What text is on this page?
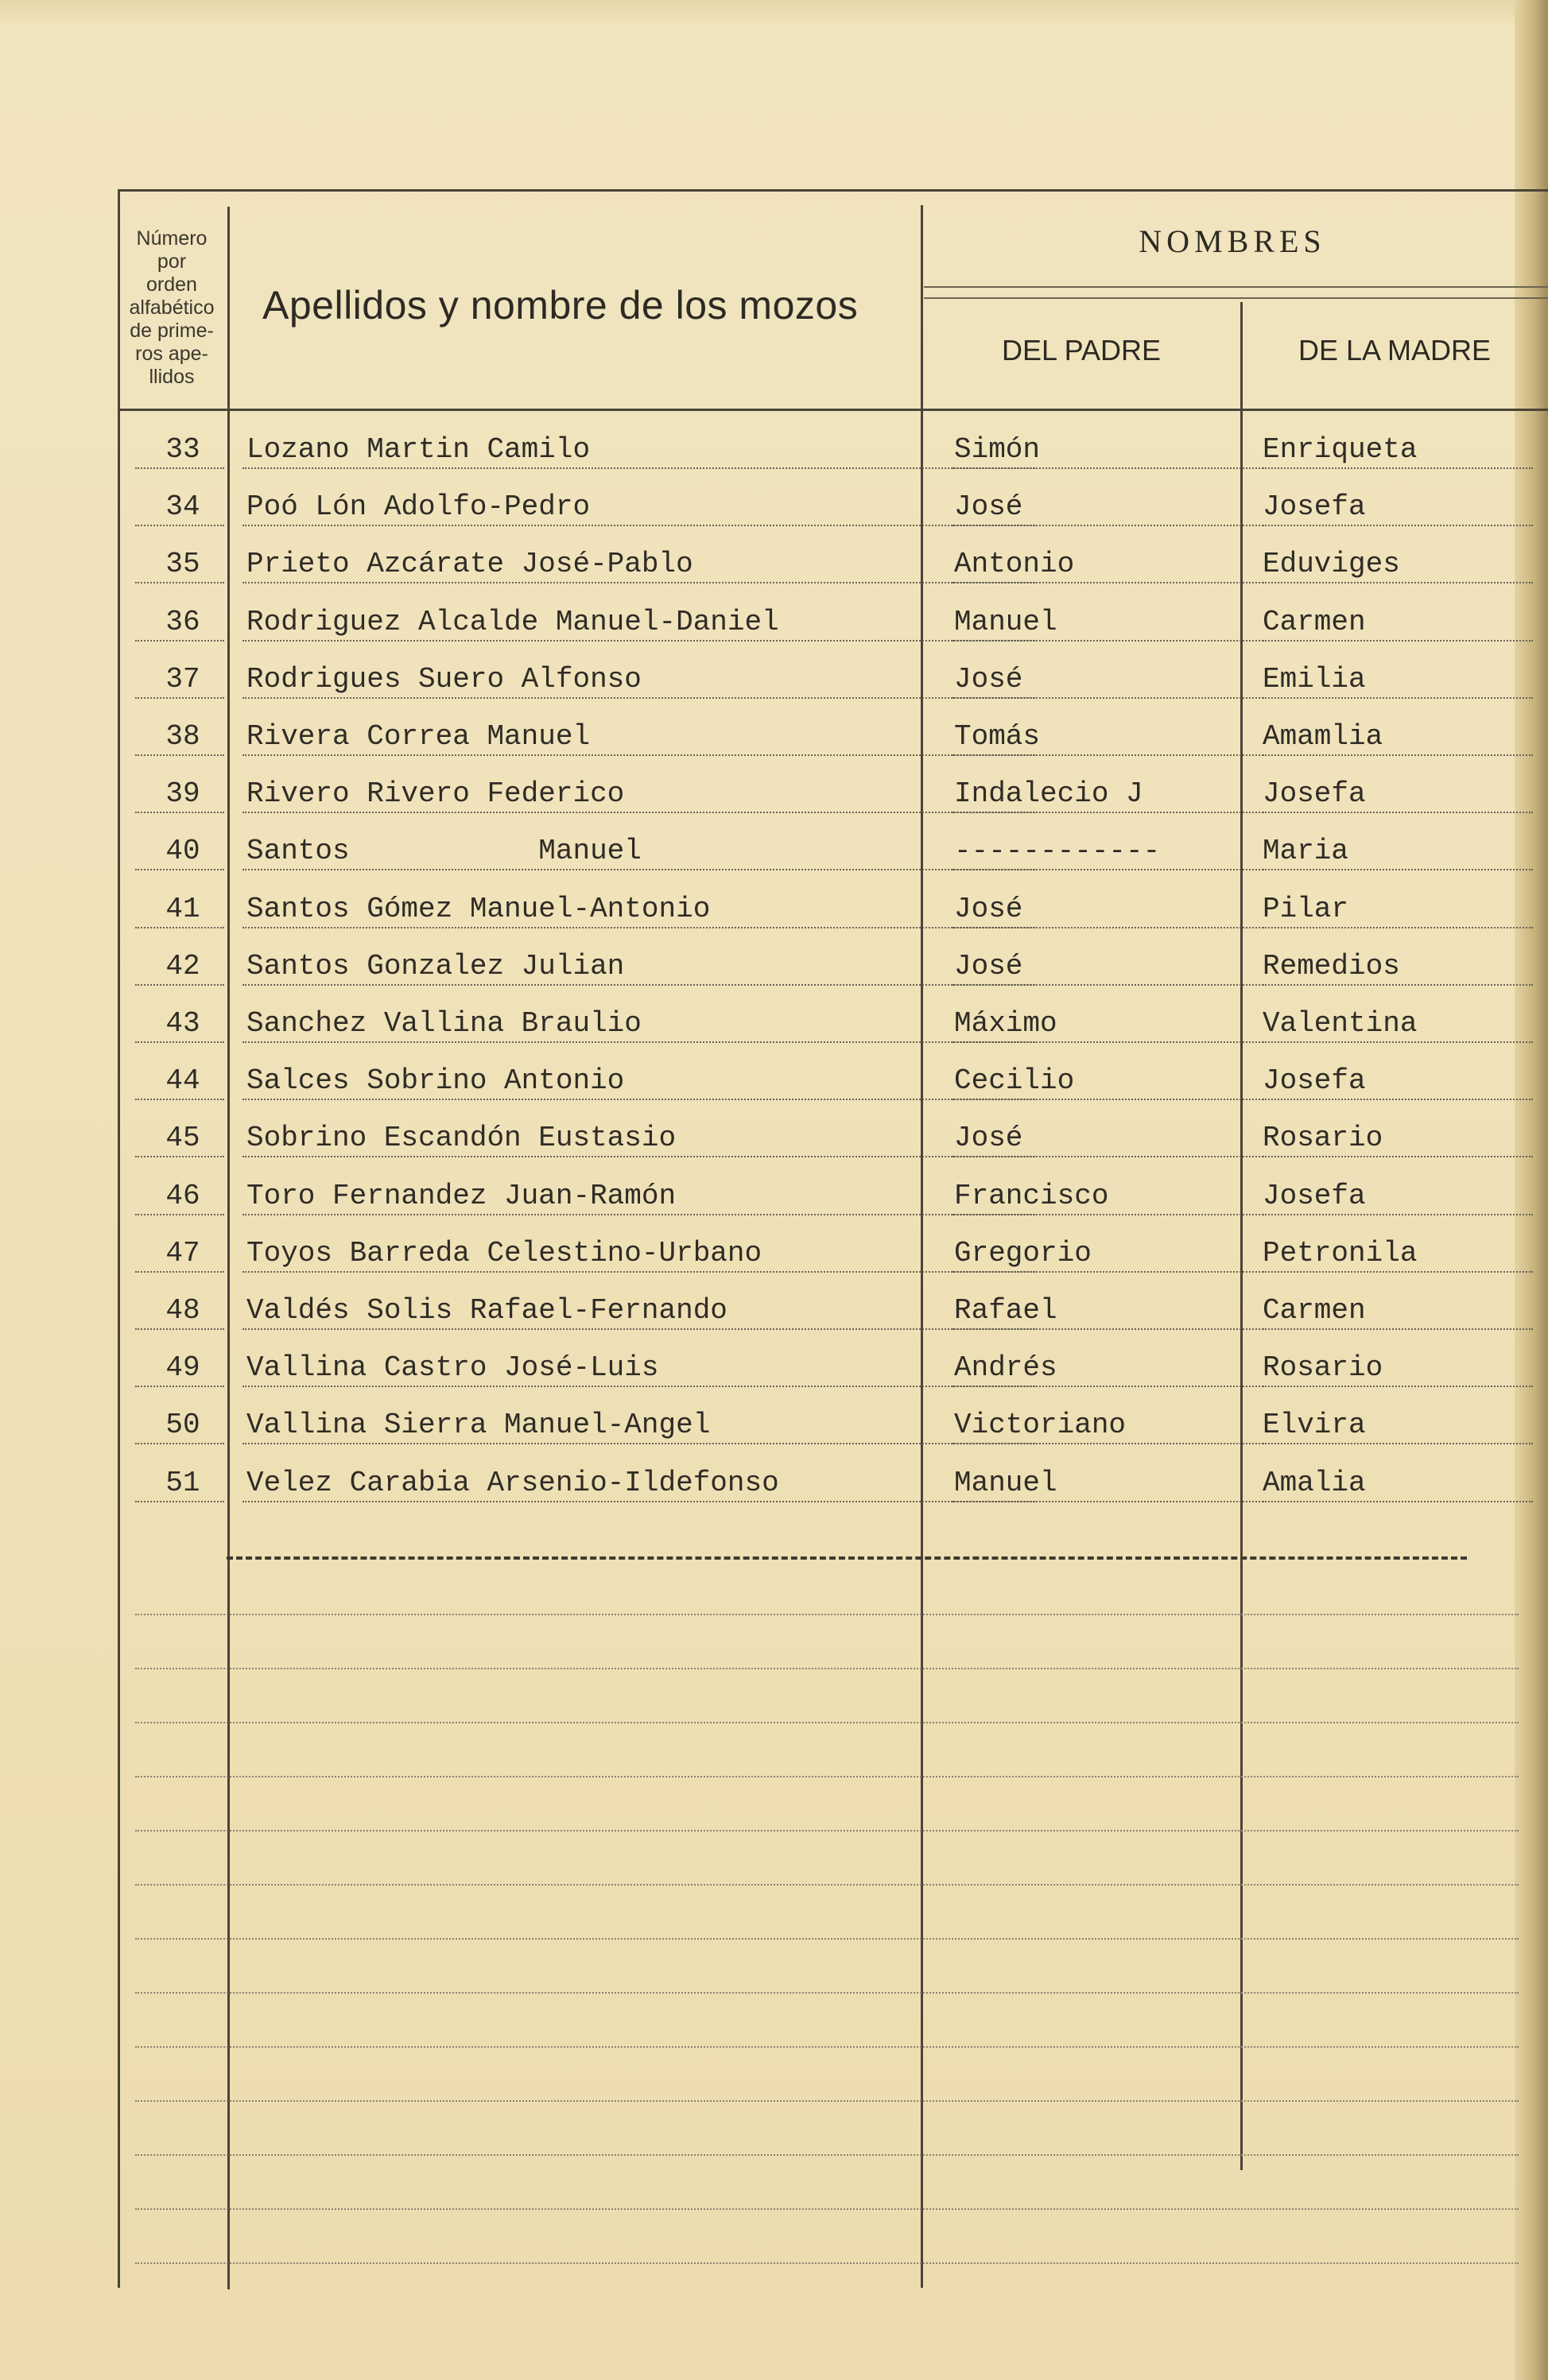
Número
por
orden
alfabético
de prime-
ros ape-
llidos
Apellidos y nombre de los mozos
NOMBRES
DEL PADRE	DE LA MADRE
33	Lozano Martin Camilo	Simón	Enriqueta
34	Poó Lón Adolfo-Pedro	José	Josefa
35	Prieto Azcárate José-Pablo	Antonio	Eduviges
36	Rodriguez Alcalde Manuel-Daniel	Manuel	Carmen
37	Rodrigues Suero Alfonso	José	Emilia
38	Rivera Correa Manuel	Tomás	Amamlia
39	Rivero Rivero Federico	Indalecio J	Josefa
40	Santos           Manuel	------------	Maria
41	Santos Gómez Manuel-Antonio	José	Pilar
42	Santos Gonzalez Julian	José	Remedios
43	Sanchez Vallina Braulio	Máximo	Valentina
44	Salces Sobrino Antonio	Cecilio	Josefa
45	Sobrino Escandón Eustasio	José	Rosario
46	Toro Fernandez Juan-Ramón	Francisco	Josefa
47	Toyos Barreda Celestino-Urbano	Gregorio	Petronila
48	Valdés Solis Rafael-Fernando	Rafael	Carmen
49	Vallina Castro José-Luis	Andrés	Rosario
50	Vallina Sierra Manuel-Angel	Victoriano	Elvira
51	Velez Carabia Arsenio-Ildefonso	Manuel	Amalia
